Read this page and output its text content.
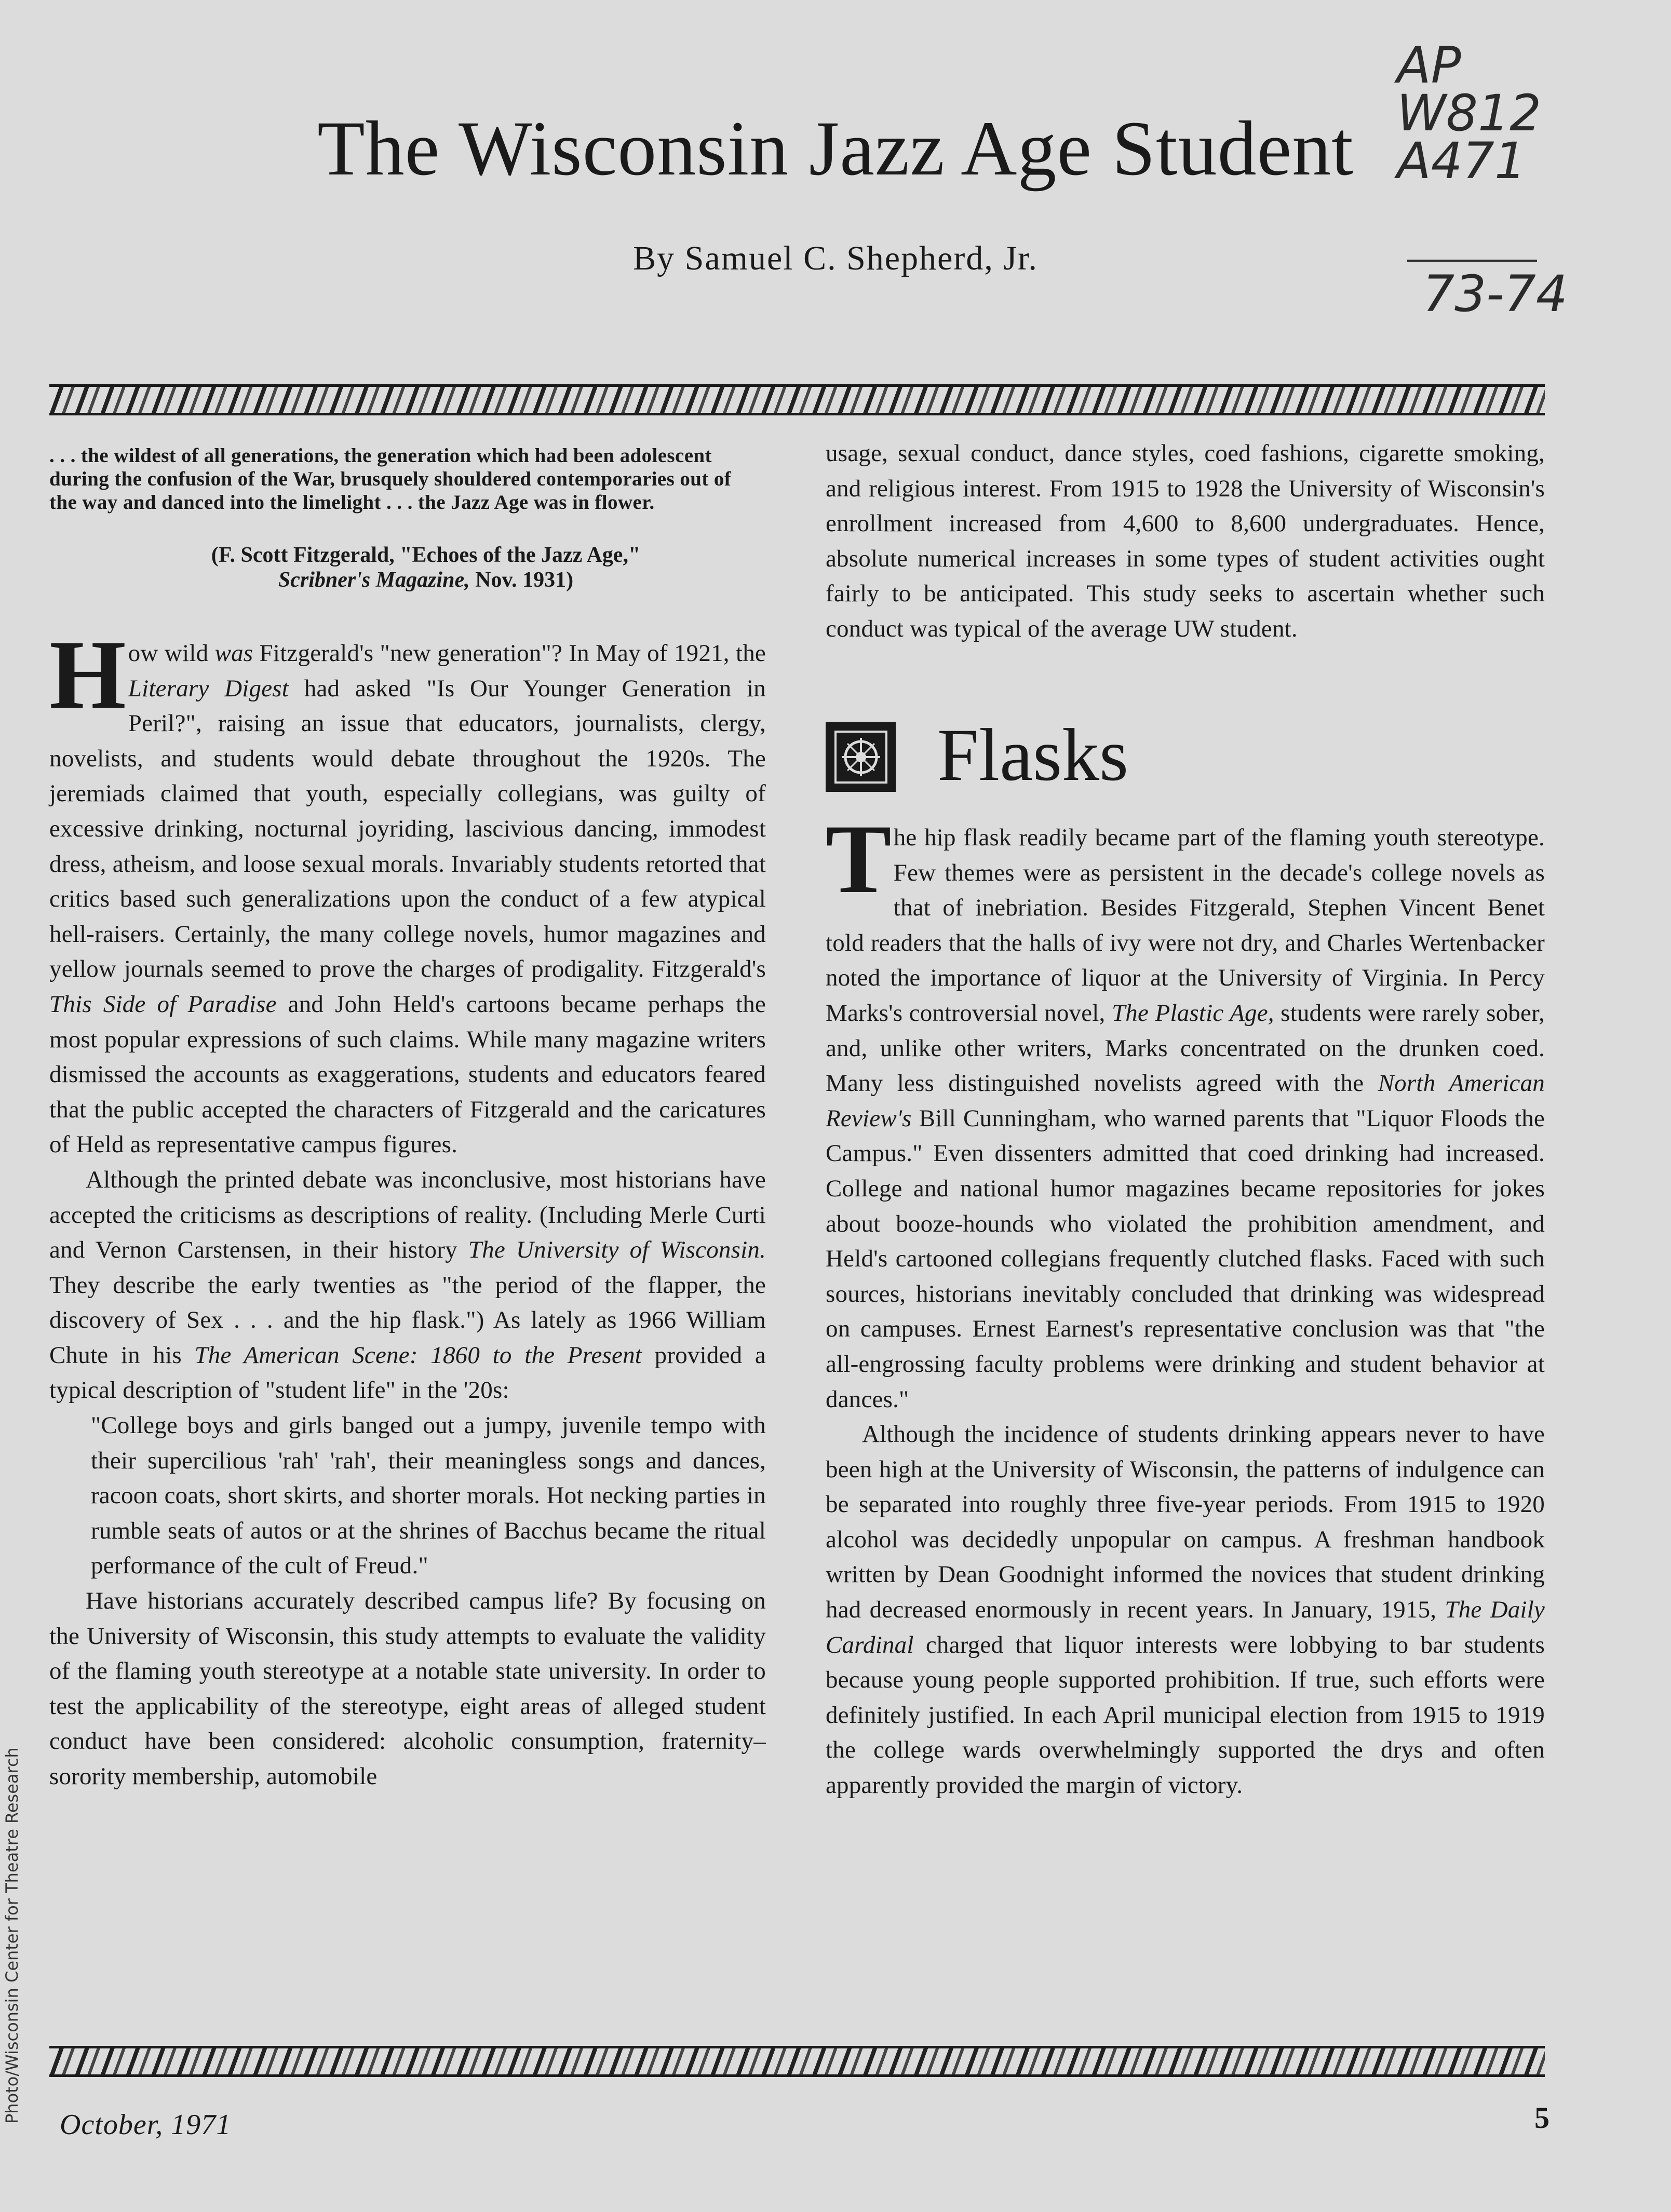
The Wisconsin Jazz Age Student
By Samuel C. Shepherd, Jr.
AP
W812
A471
73-74

. . . the wildest of all generations, the generation which had been adolescent during the confusion of the War, brusquely shouldered contemporaries out of the way and danced into the limelight . . . the Jazz Age was in flower.

(F. Scott Fitzgerald, "Echoes of the Jazz Age,"
Scribner's Magazine, Nov. 1931)

How wild was Fitzgerald's "new generation"? In May of 1921, the Literary Digest had asked "Is Our Younger Generation in Peril?", raising an issue that educators, journalists, clergy, novelists, and students would debate throughout the 1920s. The jeremiads claimed that youth, especially collegians, was guilty of excessive drinking, nocturnal joyriding, lascivious dancing, immodest dress, atheism, and loose sexual morals. Invariably students retorted that critics based such generalizations upon the conduct of a few atypical hell-raisers. Certainly, the many college novels, humor magazines and yellow journals seemed to prove the charges of prodigality. Fitzgerald's This Side of Paradise and John Held's cartoons became perhaps the most popular expressions of such claims. While many magazine writers dismissed the accounts as exaggerations, students and educators feared that the public accepted the characters of Fitzgerald and the caricatures of Held as representative campus figures.

Although the printed debate was inconclusive, most historians have accepted the criticisms as descriptions of reality. (Including Merle Curti and Vernon Carstensen, in their history The University of Wisconsin. They describe the early twenties as "the period of the flapper, the discovery of Sex . . . and the hip flask.") As lately as 1966 William Chute in his The American Scene: 1860 to the Present provided a typical description of "student life" in the '20s:

"College boys and girls banged out a jumpy, juvenile tempo with their supercilious 'rah' 'rah', their meaningless songs and dances, racoon coats, short skirts, and shorter morals. Hot necking parties in rumble seats of autos or at the shrines of Bacchus became the ritual performance of the cult of Freud."

Have historians accurately described campus life? By focusing on the University of Wisconsin, this study attempts to evaluate the validity of the flaming youth stereotype at a notable state university. In order to test the applicability of the stereotype, eight areas of alleged student conduct have been considered: alcoholic consumption, fraternity–sorority membership, automobile

usage, sexual conduct, dance styles, coed fashions, cigarette smoking, and religious interest. From 1915 to 1928 the University of Wisconsin's enrollment increased from 4,600 to 8,600 undergraduates. Hence, absolute numerical increases in some types of student activities ought fairly to be anticipated. This study seeks to ascertain whether such conduct was typical of the average UW student.

Flasks

The hip flask readily became part of the flaming youth stereotype. Few themes were as persistent in the decade's college novels as that of inebriation. Besides Fitzgerald, Stephen Vincent Benet told readers that the halls of ivy were not dry, and Charles Wertenbacker noted the importance of liquor at the University of Virginia. In Percy Marks's controversial novel, The Plastic Age, students were rarely sober, and, unlike other writers, Marks concentrated on the drunken coed. Many less distinguished novelists agreed with the North American Review's Bill Cunningham, who warned parents that "Liquor Floods the Campus." Even dissenters admitted that coed drinking had increased. College and national humor magazines became repositories for jokes about booze-hounds who violated the prohibition amendment, and Held's cartooned collegians frequently clutched flasks. Faced with such sources, historians inevitably concluded that drinking was widespread on campuses. Ernest Earnest's representative conclusion was that "the all-engrossing faculty problems were drinking and student behavior at dances."

Although the incidence of students drinking appears never to have been high at the University of Wisconsin, the patterns of indulgence can be separated into roughly three five-year periods. From 1915 to 1920 alcohol was decidedly unpopular on campus. A freshman handbook written by Dean Goodnight informed the novices that student drinking had decreased enormously in recent years. In January, 1915, The Daily Cardinal charged that liquor interests were lobbying to bar students because young people supported prohibition. If true, such efforts were definitely justified. In each April municipal election from 1915 to 1919 the college wards overwhelmingly supported the drys and often apparently provided the margin of victory.

Photo/Wisconsin Center for Theatre Research
October, 1971	5
